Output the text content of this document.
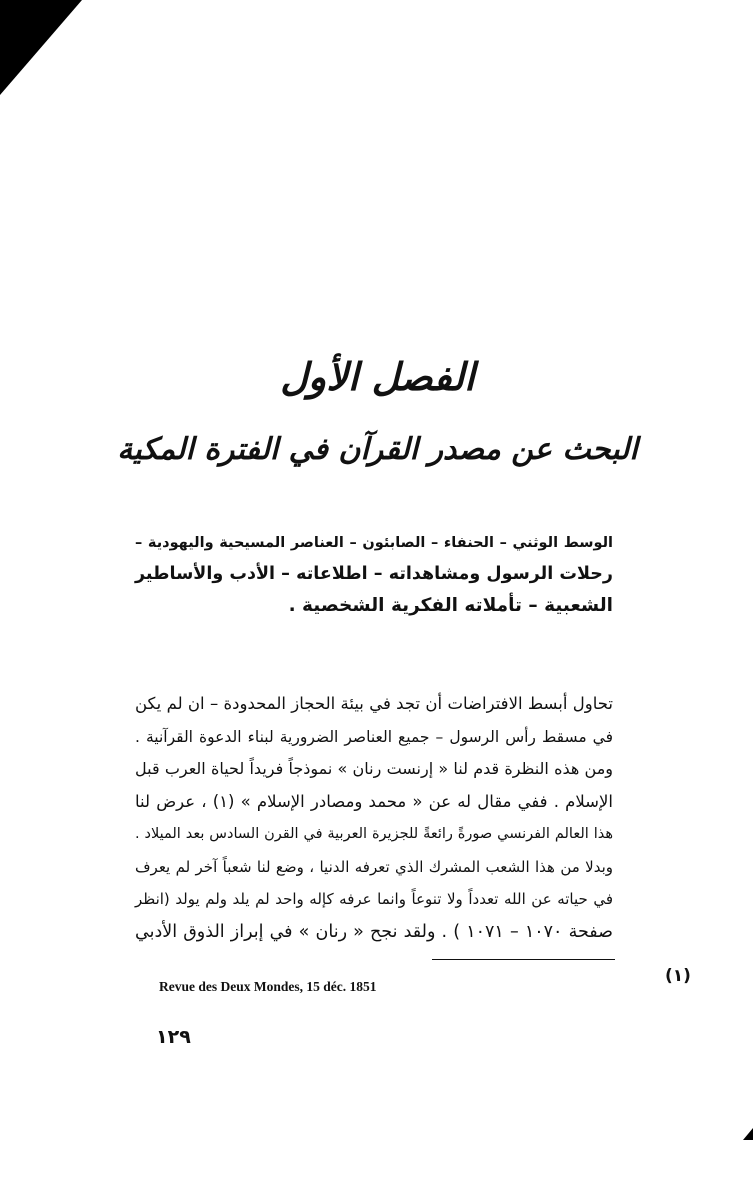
الفصل الأول
البحث عن مصدر القرآن في الفترة المكية
الوسط الوثني – الحنفاء – الصابئون – العناصر المسيحية واليهودية –
رحلات الرسول ومشاهداته – اطلاعاته – الأدب والأساطير
الشعبية – تأملاته الفكرية الشخصية .
تحاول أبسط الافتراضات أن تجد في بيئة الحجاز المحدودة – ان لم يكن
في مسقط رأس الرسول – جميع العناصر الضرورية لبناء الدعوة القرآنية .
ومن هذه النظرة قدم لنا « إرنست رنان » نموذجاً فريداً لحياة العرب قبل
الإسلام . ففي مقال له عن « محمد ومصادر الإسلام » (١) ، عرض لنا
هذا العالم الفرنسي صورةً رائعةً للجزيرة العربية في القرن السادس بعد الميلاد .
وبدلا من هذا الشعب المشرك الذي تعرفه الدنيا ، وضع لنا شعباً آخر لم يعرف
في حياته عن الله تعدداً ولا تنوعاً وانما عرفه كإله واحد لم يلد ولم يولد (انظر
صفحة ١٠٧٠ – ١٠٧١ ) . ولقد نجح « رنان » في إبراز الذوق الأدبي
(١)
Revue des Deux Mondes, 15 déc. 1851
١٢٩
